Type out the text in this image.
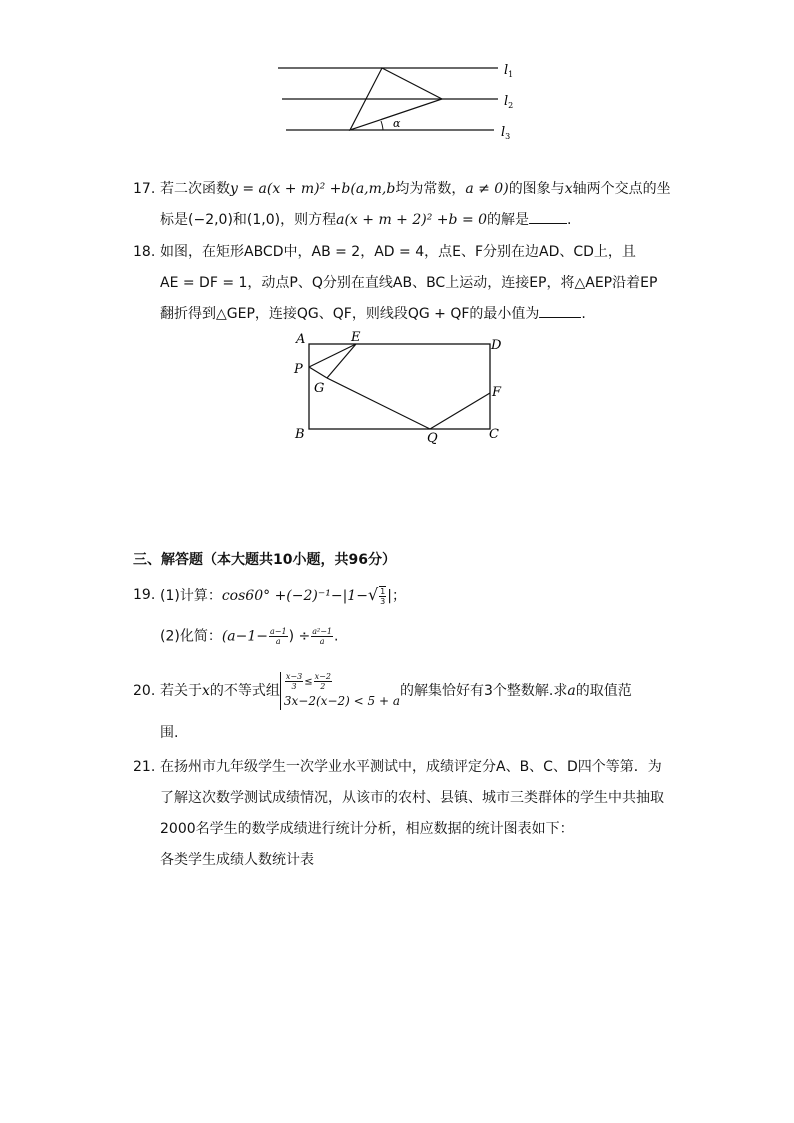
α
$l_1$
$l_2$
$l_3$
17. 若二次函数y = a(x + m)² +b(a,m,b均为常数，a ≠ 0)的图象与x轴两个交点的坐
标是(−2,0)和(1,0)，则方程a(x + m + 2)² +b = 0的解是	.
18. 如图，在矩形ABCD中，AB = 2，AD = 4，点E、F分别在边AD、CD上，且
AE = DF = 1，动点P、Q分别在直线AB、BC上运动，连接EP，将△AEP沿着EP
翻折得到△GEP，连接QG、QF，则线段QG + QF的最小值为	.
A	E
D
P
G	F
B	Q	C
三、解答题（本大题共10小题，共96分）
19. (1)计算：$\cos 60^\circ +(-2)^{-1}-|1-√ \frac{1}{3}$ |；
(2)化简：($a-1- \frac{a-1}{a}$ ) ÷ $\frac{\text{a²−1}}{a}$ .
20. 若关于x的不等式组 $\frac{x-3}{3} \le \frac{x-2}{2}$
3x−2(x−2) < 5 + a
的解集恰好有3个整数解.求a的取值范
围.
21. 在扬州市九年级学生一次学业水平测试中，成绩评定分A、B、C、D四个等第．为
了解这次数学测试成绩情况，从该市的农村、县镇、城市三类群体的学生中共抽取
2000名学生的数学成绩进行统计分析，相应数据的统计图表如下：
各类学生成绩人数统计表
